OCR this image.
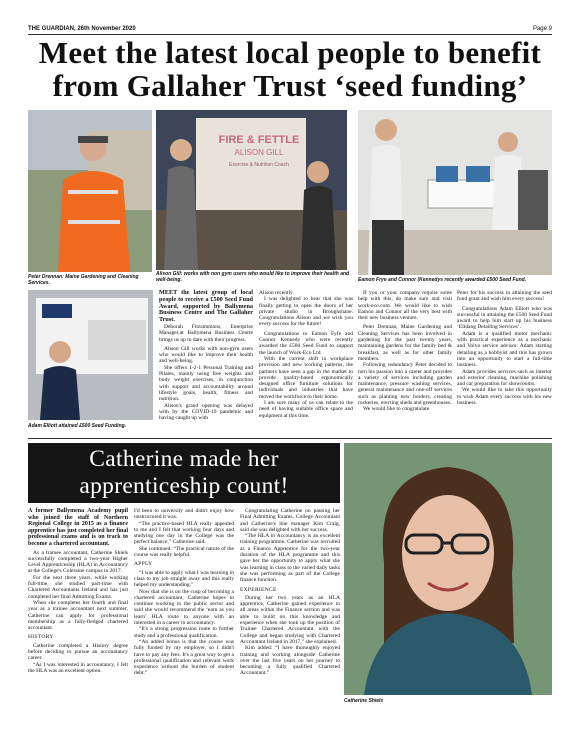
THE GUARDIAN, 26th November 2020	Page 9
Meet the latest local people to benefit
from Gallaher Trust ‘seed funding’
FIRE & FETTLE
ALISON GILL
Exercise & Nutrition Coach
Peter Drennan: Maine Gardening and Cleaning Services.
Alison Gill: works with non gym users who would like to improve their health and well-being.	Eamon Frye and Connor (Kennedys recently awarded £500 Seed Fund.
Adam Elliott attained £500 Seed Funding.

MEET the latest group of local people to receive a £500 Seed Fund Award, supported by Ballymena Business Centre and The Gallaher Trust.

Deborah Fitzsimmons, Enterprise Manager,at Ballymena Business Centre brings us up to date with their progress.

Alison Gill works with non-gym users who would like to improve their health and well-being.

She offers 1-2-1 Personal Training and Pilates, mainly using free weights and body weight exercises, in conjunction with support and accountability around lifestyle goals, health, fitness and nutrition.

Alison's grand opening was delayed with by the COVID-19 pandemic and having caught up with

Alison recently

I was delighted to hear that she was finally getting to open the doors of her private studio in Broughshane. Congratulations Alison and we wish you every success for the future!

Congratulations to Eamon Fyfe and Connor Kennedy who were recently awarded the £500 Seed Fund to support the launch of Work-Eco Ltd.

With the current shift in workplace provision and new working patterns, the partners have seen a gap in the market to provide quality-based ergonomically designed office furniture solutions for individuals and industries that have moved the workforce to their home.

I am sure many of us can relate to the need of having suitable office space and equipment at this time.

If you or your company require some help with this, do make sure and visit work-eco.com. We would like to wish Eamon and Connor all the very best with their new business venture.

Peter Drennan, Maine Gardening and Cleaning Services has been involved in gardening for the past twenty years, maintaining gardens for the family bed & breakfast, as well as for other family members.

Following redundancy Peter decided to turn his passion into a career and provides a variety of services including garden maintenance, pressure washing services, general maintenance and one-off services such as planting new borders, creating rockeries, erecting sheds and greenhouses.

We would like to congratulate

Peter for his success in attaining the seed fund grant and wish him every success!

Congratulations Adam Elliott who was successful in attaining the £500 Seed Fund award to help him start up his business ‘Elldang Detailing Services’.

Adam is a qualified motor mechanic with practical experience as a mechanic and Volvo service advisor. Adam starting detailing as a hobbyist and this has grown into an opportunity to start a full-time business.

Adam provides services such as interior and exterior cleaning, machine polishing and car preparation for showrooms.

We would like to take this opportunity to wish Adam every success with his new business.

Catherine made her
apprenticeship count!

A former Ballymena Academy pupil who joined the staff of Northern Regional College in 2015 as a finance apprentice has just completed her final professional exams and is on track to become a chartered accountant.

As a trainee accountant, Catherine Shiels successfully completed a two-year Higher Level Apprenticeship (HLA) in Accountancy at the College's Coleraine campus in 2017.

For the next three years, while working full-time, she studied part-time with Chartered Accountants Ireland and has just completed her final Admitting Exams.

When she completes her fourth and final year as a trainee accountant next summer, Catherine can apply for professional membership as a fully-fledged chartered accountant.

HISTORY

Catherine completed a History degree before deciding to pursue an accountancy career.

“As I was interested in accountancy, I felt the HLA was an excellent option.

I'd been to university and didn't enjoy how unstructured it was.

“The practice-based HLA really appealed to me and I felt that working four days and studying one day in the College was the perfect balance,” Catherine said.

She continued: “The practical nature of the course was really helpful.

APPLY

“I was able to apply what I was learning in class to my job straight away and this really helped my understanding.”

Now that she is on the cusp of becoming a chartered accountant, Catherine hopes to continue working in the public sector and said she would recommend the ‘earn as you learn’ HLA route to anyone with an interested in a career in accountancy.

“It's a strong progression route to further study and a professional qualification.

“An added bonus is that the course was fully funded by my employer, so I didn't have to pay any fees. It's a great way to get a professional qualification and relevant work experience without the burden of student debt.”

Congratulating Catherine on passing her Final Admitting Exams, College Accountant and Catherine's line manager Kim Craig, said she was delighted with her success.

“The HLA in Accountancy is an excellent training programme. Catherine was recruited as a Finance Apprentice for the two-year duration of the HLA programme and this gave her the opportunity to apply what she was learning in class to the varied daily tasks she was performing as part of the College finance function.

EXPERIENCE

During her two years as an HLA apprentice, Catherine gained experience in all areas within the Finance section and was able to build on this knowledge and experience when she took up the position of Trainee Chartered Accountant with the College and began studying with Chartered Accountant Ireland in 2017,” she explained.

Kim added: “I have thoroughly enjoyed training and working alongside Catherine over the last five years on her journey to becoming a fully qualified Chartered Accountant.”

Catherine Shiels
